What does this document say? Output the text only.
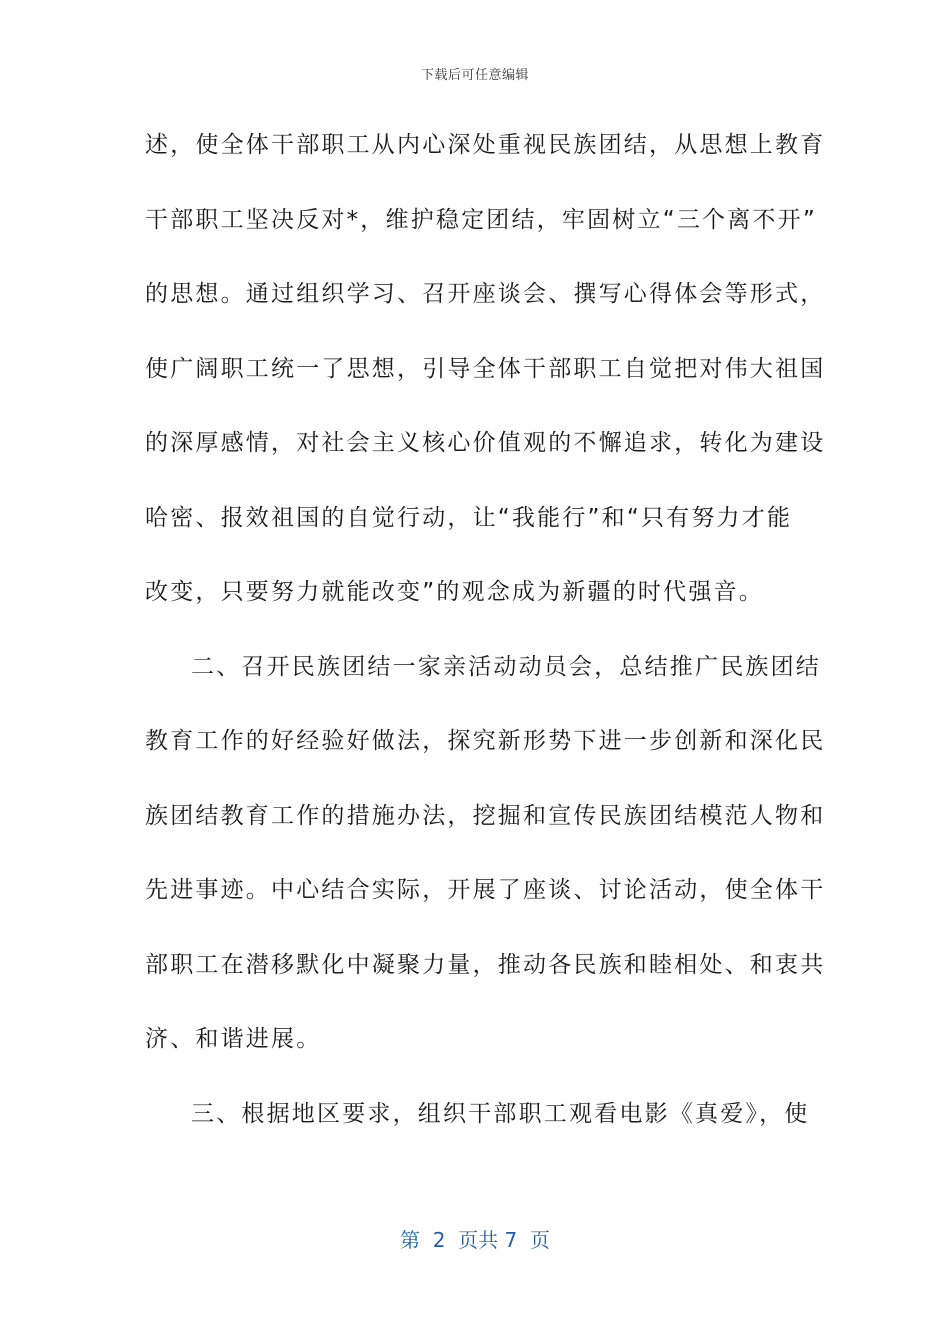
下载后可任意编辑
述，使全体干部职工从内心深处重视民族团结，从思想上教育
干部职工坚决反对*，维护稳定团结，牢固树立“三个离不开”
的思想。通过组织学习、召开座谈会、撰写心得体会等形式，
使广阔职工统一了思想，引导全体干部职工自觉把对伟大祖国
的深厚感情，对社会主义核心价值观的不懈追求，转化为建设
哈密、报效祖国的自觉行动，让“我能行”和“只有努力才能
改变，只要努力就能改变”的观念成为新疆的时代强音。
二、召开民族团结一家亲活动动员会，总结推广民族团结
教育工作的好经验好做法，探究新形势下进一步创新和深化民
族团结教育工作的措施办法，挖掘和宣传民族团结模范人物和
先进事迹。中心结合实际，开展了座谈、讨论活动，使全体干
部职工在潜移默化中凝聚力量，推动各民族和睦相处、和衷共
济、和谐进展。
三、根据地区要求，组织干部职工观看电影《真爱》，使
第  2  页共 7  页
